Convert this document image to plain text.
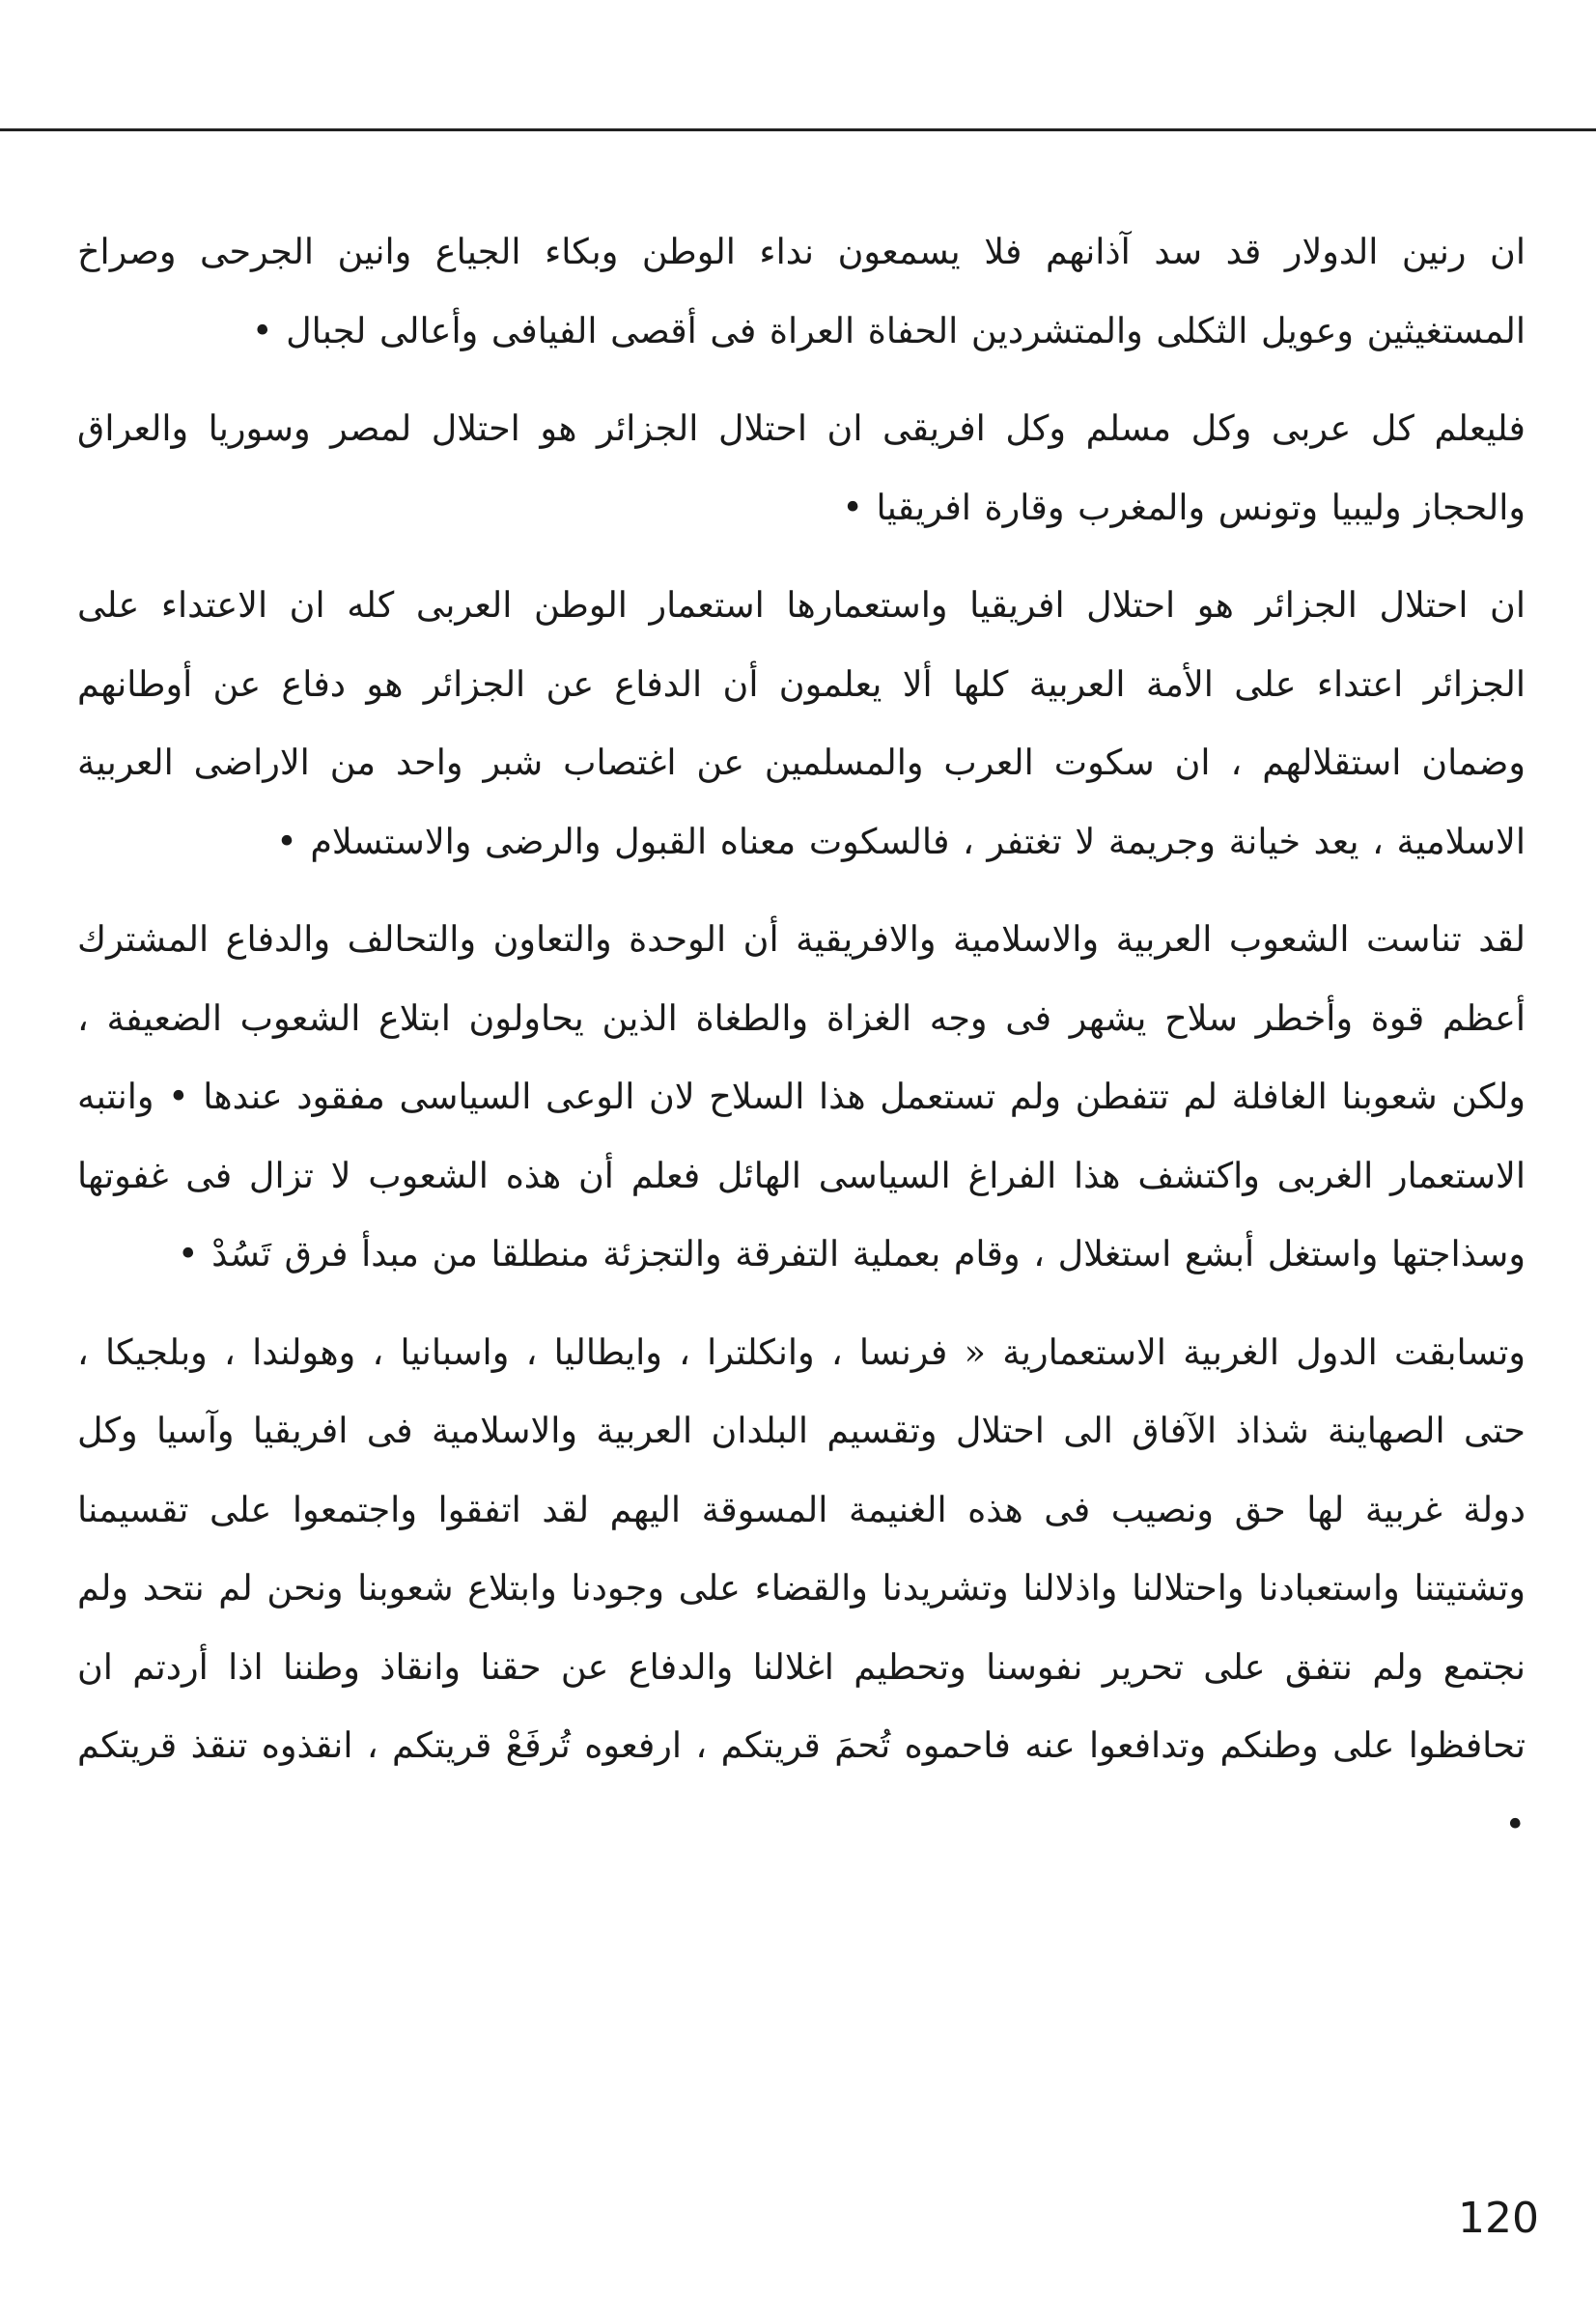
ان رنين الدولار قد سد آذانهم فلا يسمعون نداء الوطن وبكاء الجياع وانين الجرحى وصراخ المستغيثين وعويل الثكلى والمتشردين الحفاة العراة فى أقصى الفيافى وأعالى لجبال •

فليعلم كل عربى وكل مسلم وكل افريقى ان احتلال الجزائر هو احتلال لمصر وسوريا والعراق والحجاز وليبيا وتونس والمغرب وقارة افريقيا •

ان احتلال الجزائر هو احتلال افريقيا واستعمارها استعمار الوطن العربى كله ان الاعتداء على الجزائر اعتداء على الأمة العربية كلها ألا يعلمون أن الدفاع عن الجزائر هو دفاع عن أوطانهم وضمان استقلالهم ، ان سكوت العرب والمسلمين عن اغتصاب شبر واحد من الاراضى العربية الاسلامية ، يعد خيانة وجريمة لا تغتفر ، فالسكوت معناه القبول والرضى والاستسلام •

لقد تناست الشعوب العربية والاسلامية والافريقية أن الوحدة والتعاون والتحالف والدفاع المشترك أعظم قوة وأخطر سلاح يشهر فى وجه الغزاة والطغاة الذين يحاولون ابتلاع الشعوب الضعيفة ، ولكن شعوبنا الغافلة لم تتفطن ولم تستعمل هذا السلاح لان الوعى السياسى مفقود عندها • وانتبه الاستعمار الغربى واكتشف هذا الفراغ السياسى الهائل فعلم أن هذه الشعوب لا تزال فى غفوتها وسذاجتها واستغل أبشع استغلال ، وقام بعملية التفرقة والتجزئة منطلقا من مبدأ فرق تَسُدْ •

وتسابقت الدول الغربية الاستعمارية « فرنسا ، وانكلترا ، وايطاليا ، واسبانيا ، وهولندا ، وبلجيكا ، حتى الصهاينة شذاذ الآفاق الى احتلال وتقسيم البلدان العربية والاسلامية فى افريقيا وآسيا وكل دولة غربية لها حق ونصيب فى هذه الغنيمة المسوقة اليهم لقد اتفقوا واجتمعوا على تقسيمنا وتشتيتنا واستعبادنا واحتلالنا واذلالنا وتشريدنا والقضاء على وجودنا وابتلاع شعوبنا ونحن لم نتحد ولم نجتمع ولم نتفق على تحرير نفوسنا وتحطيم اغلالنا والدفاع عن حقنا وانقاذ وطننا اذا أردتم ان تحافظوا على وطنكم وتدافعوا عنه فاحموه تُحمَ قريتكم ، ارفعوه تُرفَعْ قريتكم ، انقذوه تنقذ قريتكم •

120
